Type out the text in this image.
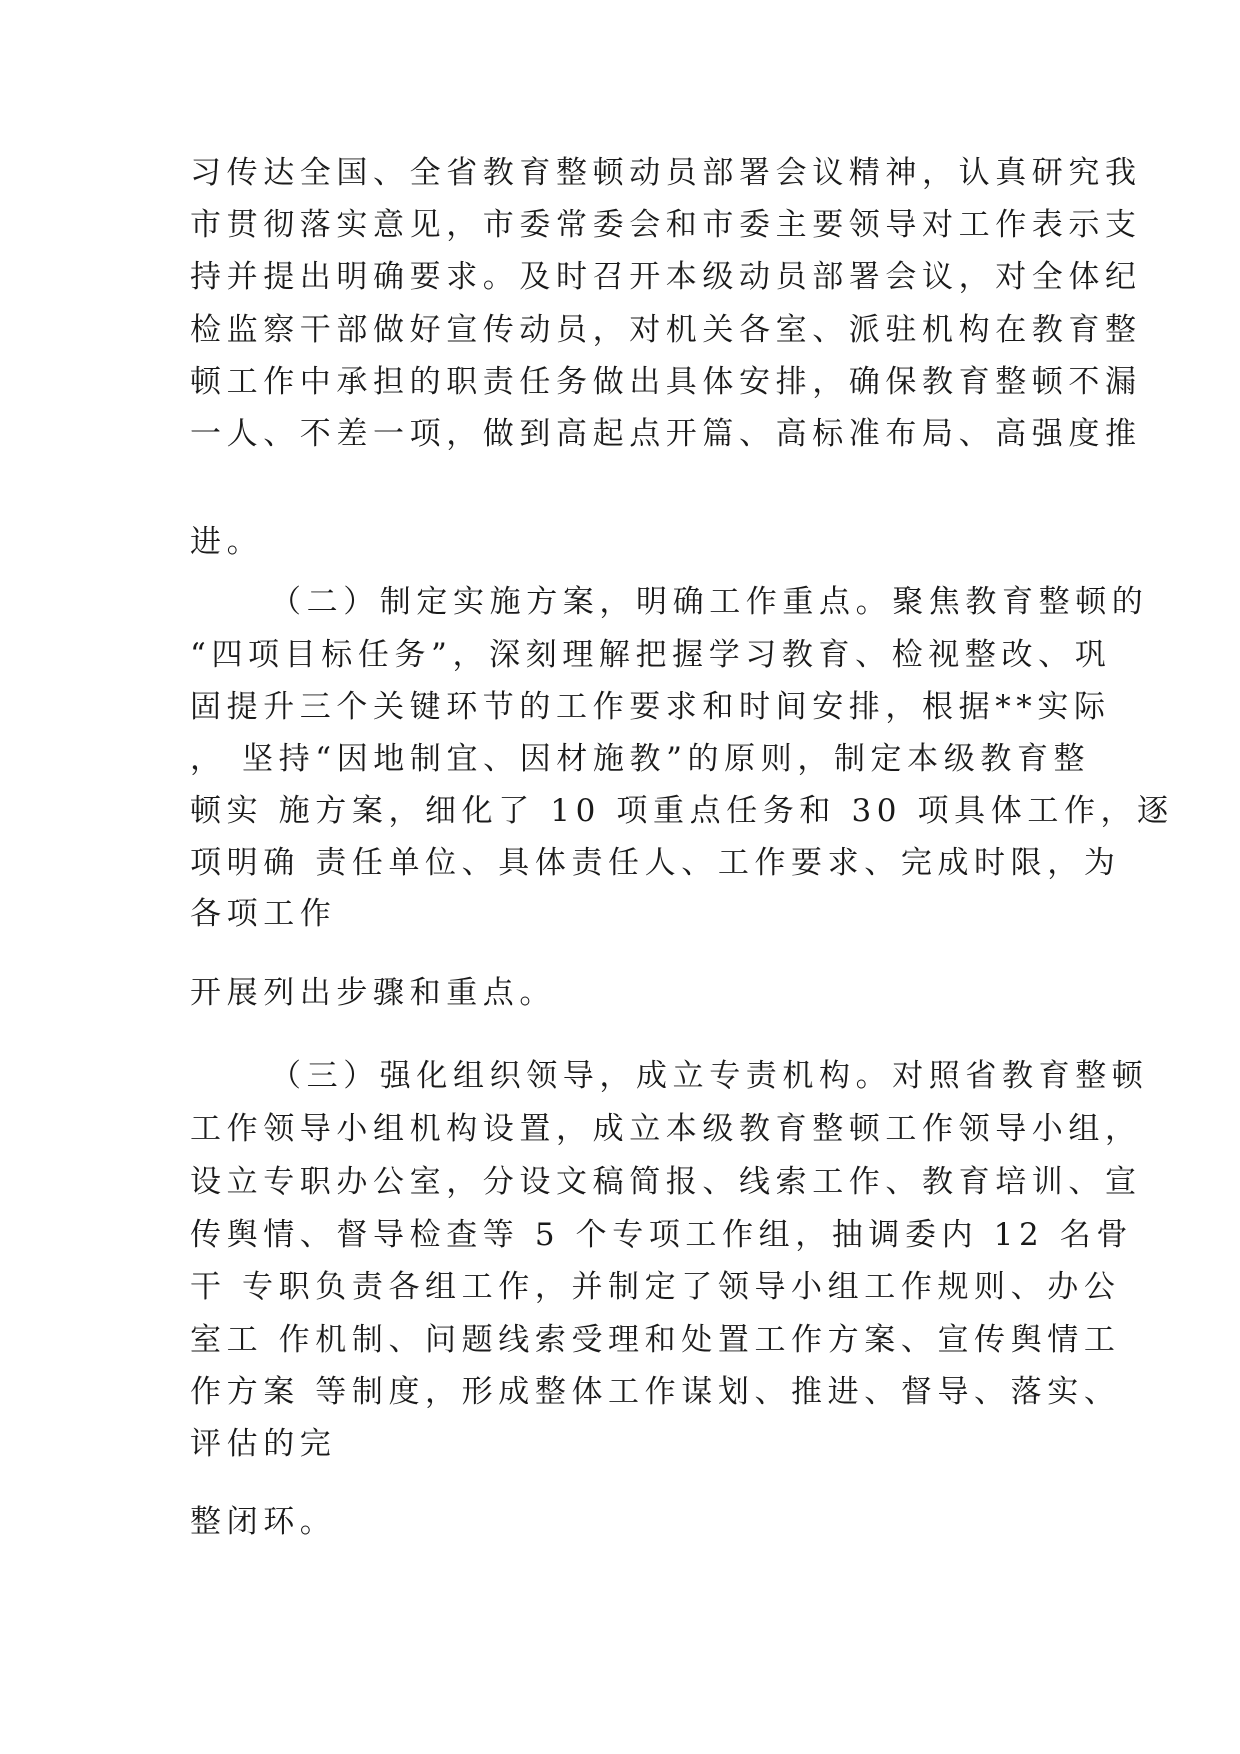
习传达全国、全省教育整顿动员部署会议精神，认真研究我
市贯彻落实意见，市委常委会和市委主要领导对工作表示支
持并提出明确要求。及时召开本级动员部署会议，对全体纪
检监察干部做好宣传动员，对机关各室、派驻机构在教育整
顿工作中承担的职责任务做出具体安排，确保教育整顿不漏
一人、不差一项，做到高起点开篇、高标准布局、高强度推
进。
（二）制定实施方案，明确工作重点。聚焦教育整顿的
“四项目标任务”，深刻理解把握学习教育、检视整改、巩
固提升三个关键环节的工作要求和时间安排，根据**实际
， 坚持“因地制宜、因材施教”的原则，制定本级教育整
顿实 施方案，细化了 10 项重点任务和 30 项具体工作，逐
项明确 责任单位、具体责任人、工作要求、完成时限，为
各项工作
开展列出步骤和重点。
（三）强化组织领导，成立专责机构。对照省教育整顿
工作领导小组机构设置，成立本级教育整顿工作领导小组，
设立专职办公室，分设文稿简报、线索工作、教育培训、宣
传舆情、督导检查等 5 个专项工作组，抽调委内 12 名骨
干 专职负责各组工作，并制定了领导小组工作规则、办公
室工 作机制、问题线索受理和处置工作方案、宣传舆情工
作方案 等制度，形成整体工作谋划、推进、督导、落实、
评估的完
整闭环。
